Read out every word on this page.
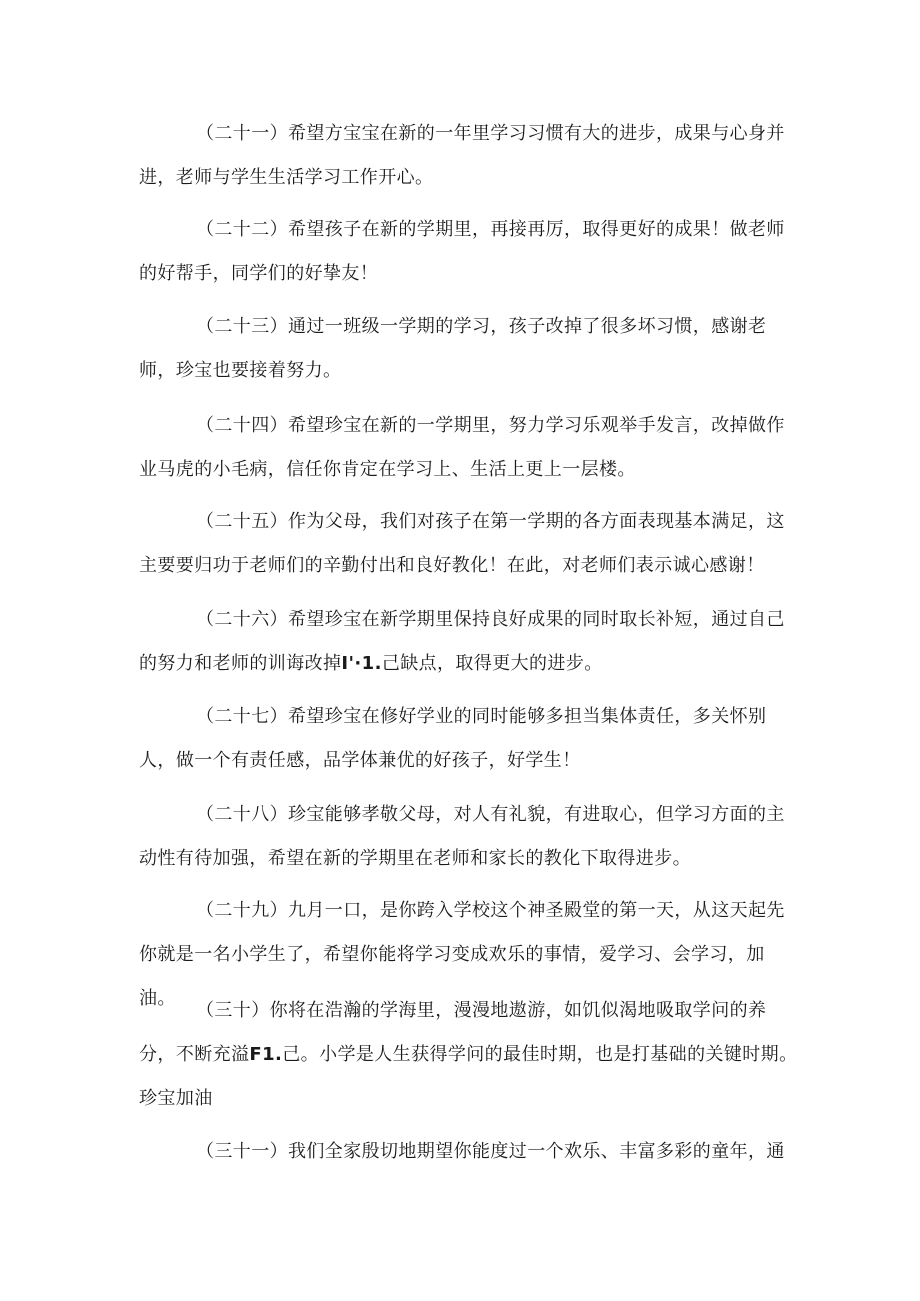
（二十一）希望方宝宝在新的一年里学习习惯有大的进步，成果与心身并进，老师与学生生活学习工作开心。

（二十二）希望孩子在新的学期里，再接再厉，取得更好的成果！做老师的好帮手，同学们的好挚友！

（二十三）通过一班级一学期的学习，孩子改掉了很多坏习惯，感谢老师，珍宝也要接着努力。

（二十四）希望珍宝在新的一学期里，努力学习乐观举手发言，改掉做作业马虎的小毛病，信任你肯定在学习上、生活上更上一层楼。

（二十五）作为父母，我们对孩子在第一学期的各方面表现基本满足，这主要要归功于老师们的辛勤付出和良好教化！在此，对老师们表示诚心感谢！

（二十六）希望珍宝在新学期里保持良好成果的同时取长补短，通过自己的努力和老师的训诲改掉I'·1.己缺点，取得更大的进步。

（二十七）希望珍宝在修好学业的同时能够多担当集体责任，多关怀别人，做一个有责任感，品学体兼优的好孩子，好学生！

（二十八）珍宝能够孝敬父母，对人有礼貌，有进取心，但学习方面的主动性有待加强，希望在新的学期里在老师和家长的教化下取得进步。

（二十九）九月一口，是你跨入学校这个神圣殿堂的第一天，从这天起先你就是一名小学生了，希望你能将学习变成欢乐的事情，爱学习、会学习，加油。

（三十）你将在浩瀚的学海里，漫漫地遨游，如饥似渴地吸取学问的养分，不断充溢F1.己。小学是人生获得学问的最佳时期，也是打基础的关键时期。珍宝加油

（三十一）我们全家殷切地期望你能度过一个欢乐、丰富多彩的童年，通
